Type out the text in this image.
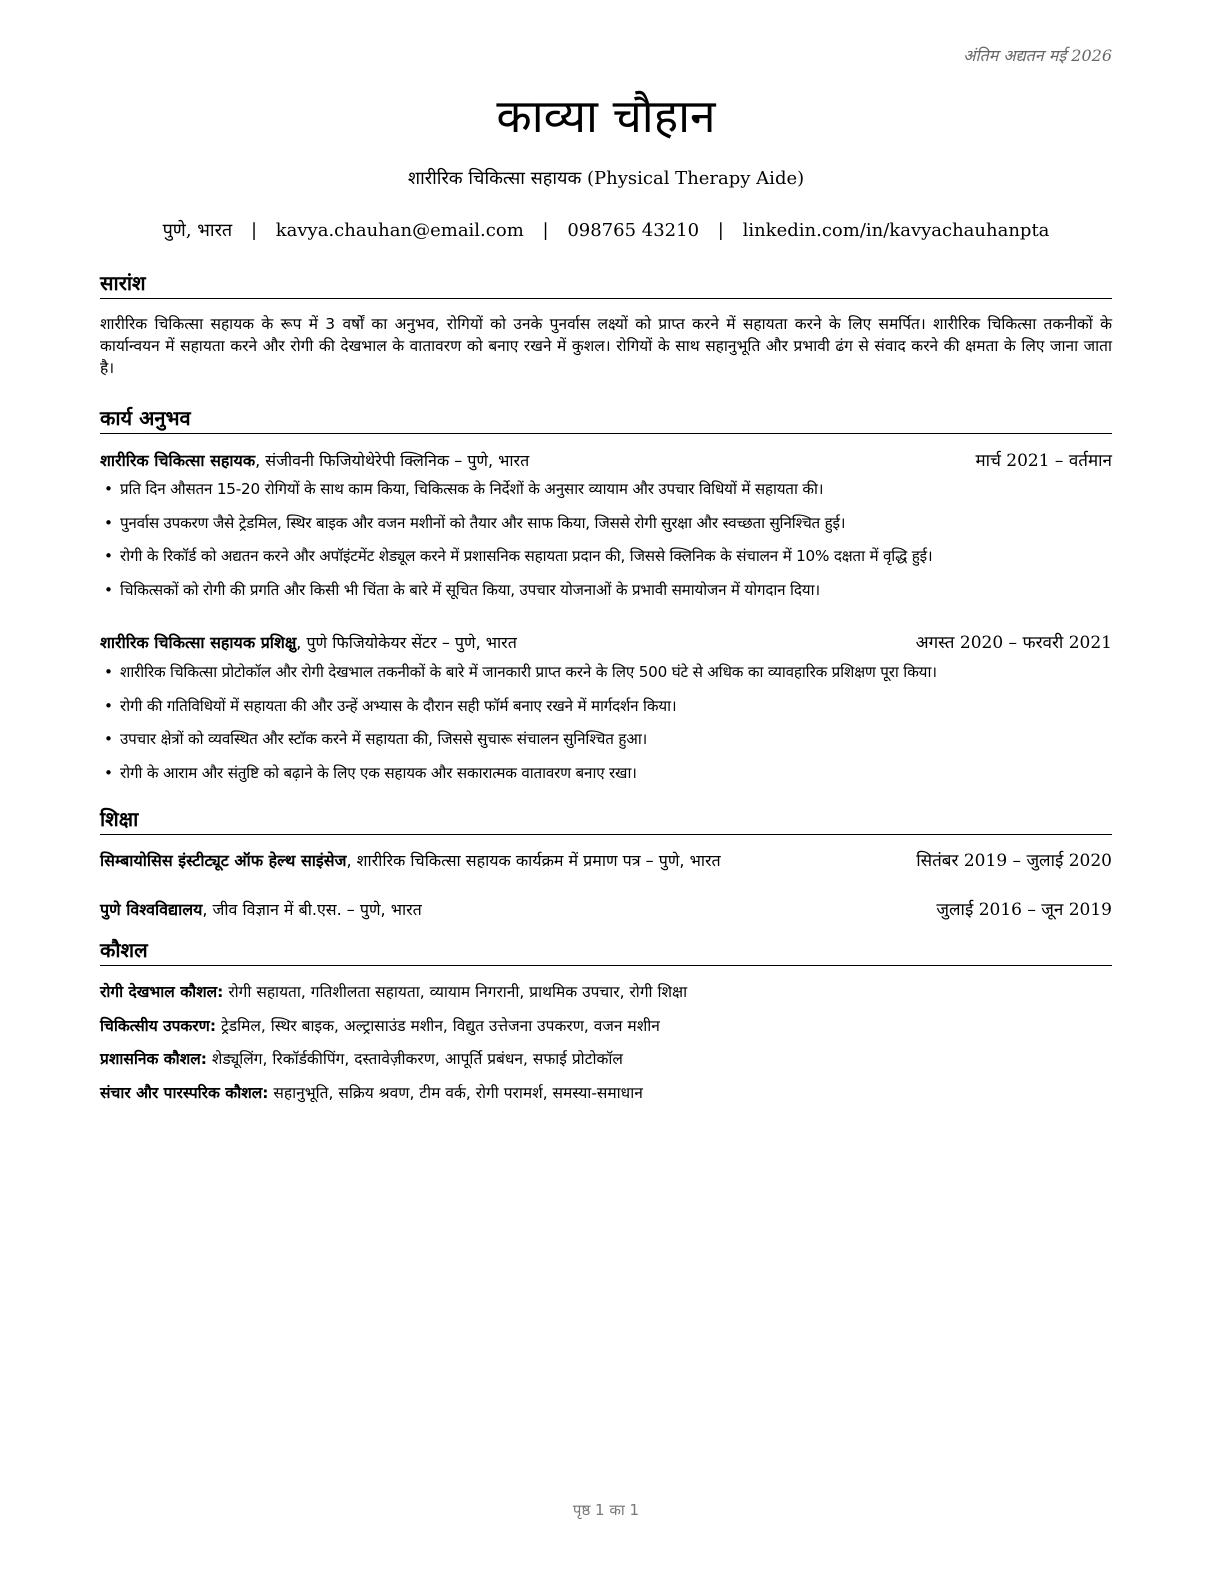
अंतिम अद्यतन मई 2026
काव्या चौहान
शारीरिक चिकित्सा सहायक (Physical Therapy Aide)
पुणे, भारत | kavya.chauhan@email.com | 098765 43210 | linkedin.com/in/kavyachauhanpta
सारांश
शारीरिक चिकित्सा सहायक के रूप में 3 वर्षों का अनुभव, रोगियों को उनके पुनर्वास लक्ष्यों को प्राप्त करने में सहायता करने के लिए समर्पित। शारीरिक चिकित्सा तकनीकों के कार्यान्वयन में सहायता करने और रोगी की देखभाल के वातावरण को बनाए रखने में कुशल। रोगियों के साथ सहानुभूति और प्रभावी ढंग से संवाद करने की क्षमता के लिए जाना जाता है।
कार्य अनुभव
शारीरिक चिकित्सा सहायक, संजीवनी फिजियोथेरेपी क्लिनिक – पुणे, भारत	मार्च 2021 – वर्तमान
• प्रति दिन औसतन 15-20 रोगियों के साथ काम किया, चिकित्सक के निर्देशों के अनुसार व्यायाम और उपचार विधियों में सहायता की।
• पुनर्वास उपकरण जैसे ट्रेडमिल, स्थिर बाइक और वजन मशीनों को तैयार और साफ किया, जिससे रोगी सुरक्षा और स्वच्छता सुनिश्चित हुई।
• रोगी के रिकॉर्ड को अद्यतन करने और अपॉइंटमेंट शेड्यूल करने में प्रशासनिक सहायता प्रदान की, जिससे क्लिनिक के संचालन में 10% दक्षता में वृद्धि हुई।
• चिकित्सकों को रोगी की प्रगति और किसी भी चिंता के बारे में सूचित किया, उपचार योजनाओं के प्रभावी समायोजन में योगदान दिया।
शारीरिक चिकित्सा सहायक प्रशिक्षु, पुणे फिजियोकेयर सेंटर – पुणे, भारत	अगस्त 2020 – फरवरी 2021
• शारीरिक चिकित्सा प्रोटोकॉल और रोगी देखभाल तकनीकों के बारे में जानकारी प्राप्त करने के लिए 500 घंटे से अधिक का व्यावहारिक प्रशिक्षण पूरा किया।
• रोगी की गतिविधियों में सहायता की और उन्हें अभ्यास के दौरान सही फॉर्म बनाए रखने में मार्गदर्शन किया।
• उपचार क्षेत्रों को व्यवस्थित और स्टॉक करने में सहायता की, जिससे सुचारू संचालन सुनिश्चित हुआ।
• रोगी के आराम और संतुष्टि को बढ़ाने के लिए एक सहायक और सकारात्मक वातावरण बनाए रखा।
शिक्षा
सिम्बायोसिस इंस्टीट्यूट ऑफ हेल्थ साइंसेज, शारीरिक चिकित्सा सहायक कार्यक्रम में प्रमाण पत्र – पुणे, भारत	सितंबर 2019 – जुलाई 2020
पुणे विश्वविद्यालय, जीव विज्ञान में बी.एस. – पुणे, भारत	जुलाई 2016 – जून 2019
कौशल
रोगी देखभाल कौशल: रोगी सहायता, गतिशीलता सहायता, व्यायाम निगरानी, प्राथमिक उपचार, रोगी शिक्षा
चिकित्सीय उपकरण: ट्रेडमिल, स्थिर बाइक, अल्ट्रासाउंड मशीन, विद्युत उत्तेजना उपकरण, वजन मशीन
प्रशासनिक कौशल: शेड्यूलिंग, रिकॉर्डकीपिंग, दस्तावेज़ीकरण, आपूर्ति प्रबंधन, सफाई प्रोटोकॉल
संचार और पारस्परिक कौशल: सहानुभूति, सक्रिय श्रवण, टीम वर्क, रोगी परामर्श, समस्या-समाधान
पृष्ठ 1 का 1
